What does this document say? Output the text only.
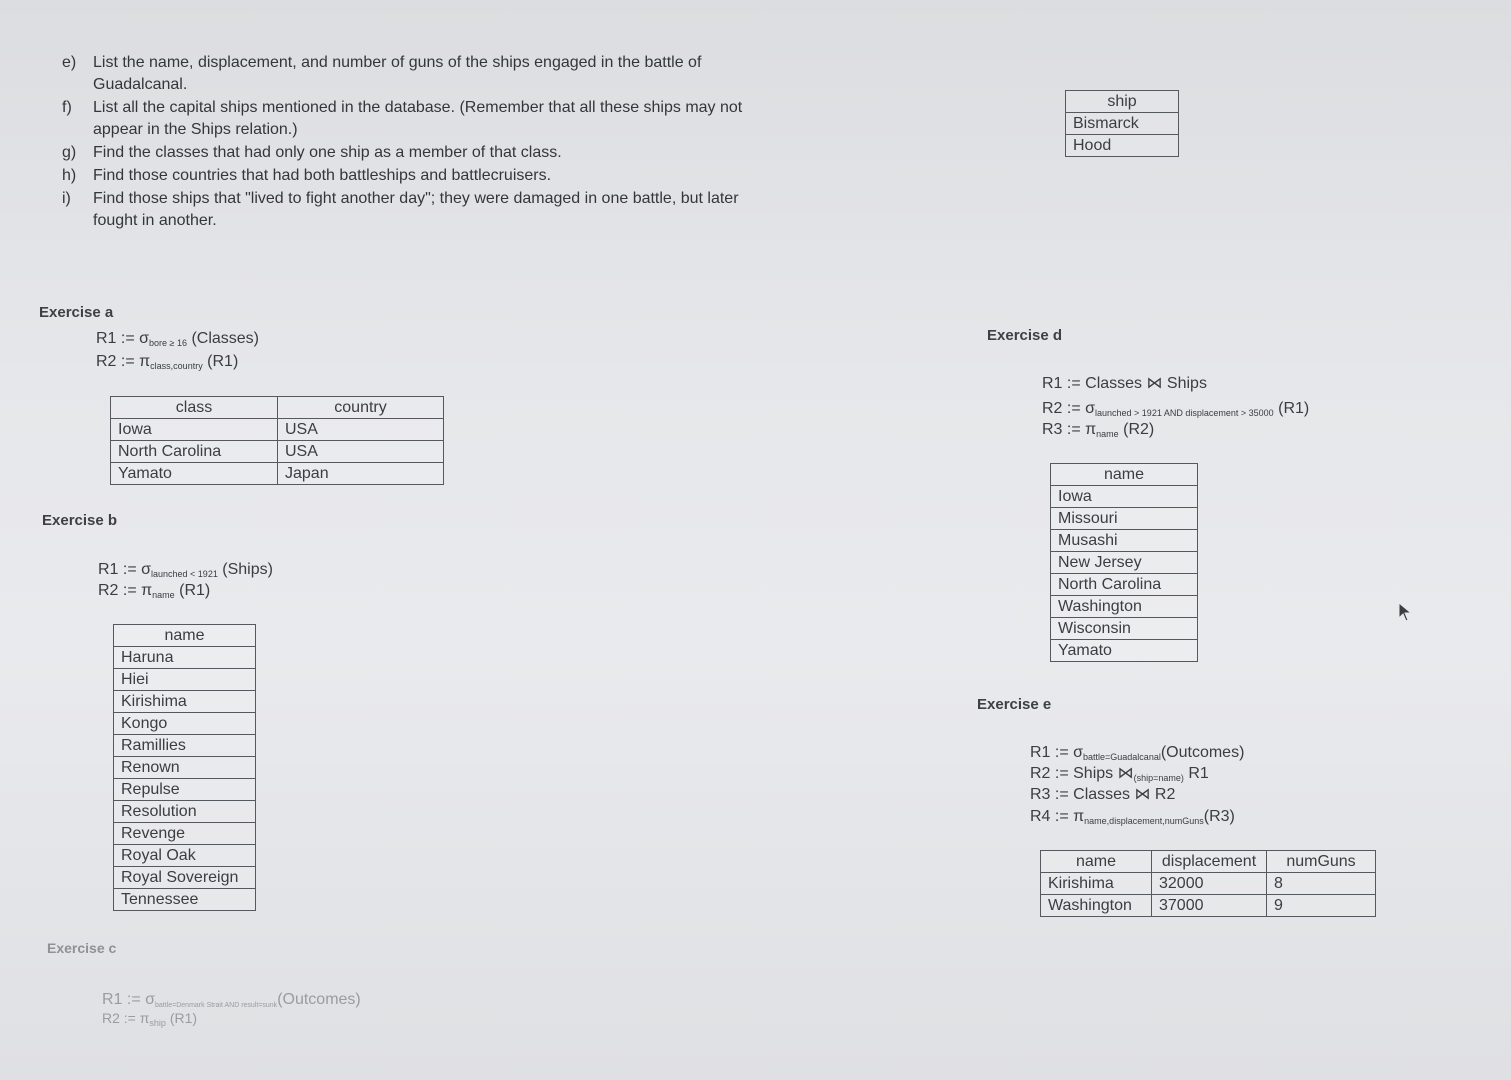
e)	List the name, displacement, and number of guns of the ships engaged in the battle of Guadalcanal.
f)	List all the capital ships mentioned in the database. (Remember that all these ships may not appear in the Ships relation.)
g)	Find the classes that had only one ship as a member of that class.
h)	Find those countries that had both battleships and battlecruisers.
i)	Find those ships that "lived to fight another day"; they were damaged in one battle, but later fought in another.
ship
Bismarck
Hood
Exercise a
R1 := $\sigma_{bore \ge 16}$ (Classes)
R2 := $\pi_{class,country}$ (R1)
class	country
Iowa	USA
North Carolina	USA
Yamato	Japan
Exercise b
R1 := $\sigma_{launched < 1921}$ (Ships)
R2 := $\pi_{name}$ (R1)
name
Haruna
Hiei
Kirishima
Kongo
Ramillies
Renown
Repulse
Resolution
Revenge
Royal Oak
Royal Sovereign
Tennessee
Exercise c
R1 := $\sigma_{battle=Denmark Strait AND result=sunk}(Outcomes)$
R2 := $\pi_{ship}$ (R1)
Exercise d
R1 := Classes ⋈ Ships
R2 := $\sigma_{launched > 1921 AND displacement > 35000}$ (R1)
R3 := $\pi_{name}$ (R2)
name
Iowa
Missouri
Musashi
New Jersey
North Carolina
Washington
Wisconsin
Yamato
Exercise e
R1 := $\sigma_{battle=Guadalcanal}(Outcomes)$
R2 := Ships $⋈_{(ship=name)}$ R1
R3 := Classes ⋈ R2
R4 := $\pi_{name,displacement,numGuns}(R3)$
name	displacement	numGuns
Kirishima	32000	8
Washington	37000	9
